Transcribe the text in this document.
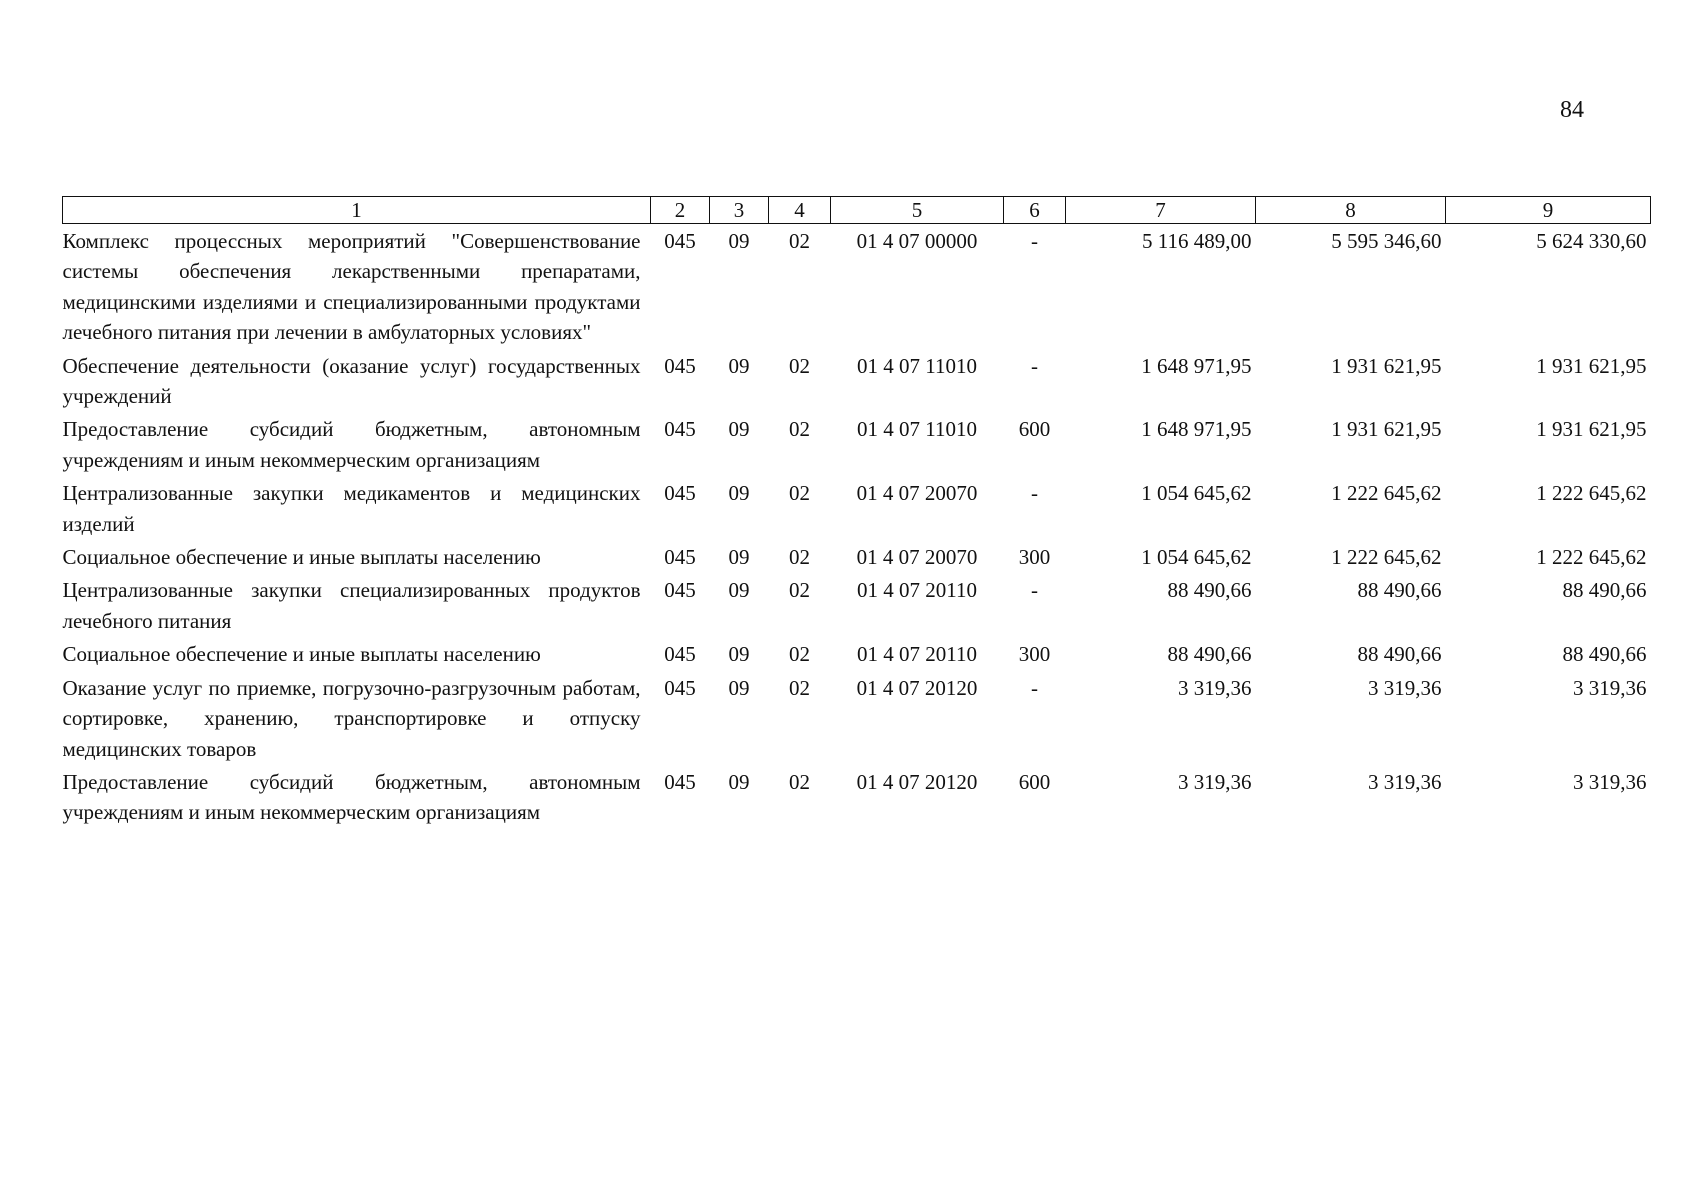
84
1	2	3	4	5	6	7	8	9
Комплекс процессных мероприятий "Совершенствование системы обеспечения лекарственными препаратами, медицинскими изделиями и специализированными продуктами лечебного питания при лечении в амбулаторных условиях"	045	09	02	01 4 07 00000	-	5 116 489,00	5 595 346,60	5 624 330,60
Обеспечение деятельности (оказание услуг) государственных учреждений	045	09	02	01 4 07 11010	-	1 648 971,95	1 931 621,95	1 931 621,95
Предоставление субсидий бюджетным, автономным учреждениям и иным некоммерческим организациям	045	09	02	01 4 07 11010	600	1 648 971,95	1 931 621,95	1 931 621,95
Централизованные закупки медикаментов и медицинских изделий	045	09	02	01 4 07 20070	-	1 054 645,62	1 222 645,62	1 222 645,62
Социальное обеспечение и иные выплаты населению	045	09	02	01 4 07 20070	300	1 054 645,62	1 222 645,62	1 222 645,62
Централизованные закупки специализированных продуктов лечебного питания	045	09	02	01 4 07 20110	-	88 490,66	88 490,66	88 490,66
Социальное обеспечение и иные выплаты населению	045	09	02	01 4 07 20110	300	88 490,66	88 490,66	88 490,66
Оказание услуг по приемке, погрузочно-разгрузочным работам, сортировке, хранению, транспортировке и отпуску медицинских товаров	045	09	02	01 4 07 20120	-	3 319,36	3 319,36	3 319,36
Предоставление субсидий бюджетным, автономным учреждениям и иным некоммерческим организациям	045	09	02	01 4 07 20120	600	3 319,36	3 319,36	3 319,36
